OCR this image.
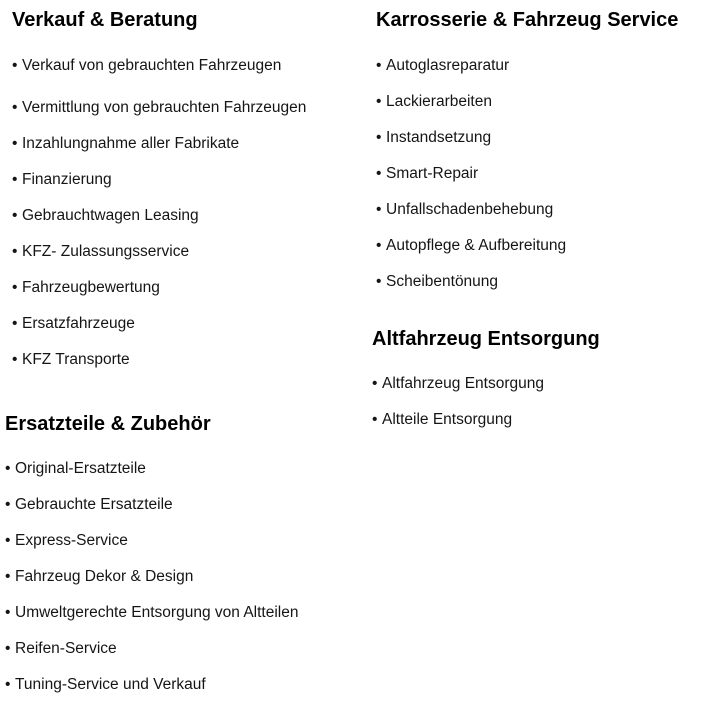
Verkauf & Beratung
• Verkauf von gebrauchten Fahrzeugen
• Vermittlung von gebrauchten Fahrzeugen
• Inzahlungnahme aller Fabrikate
• Finanzierung
• Gebrauchtwagen Leasing
• KFZ- Zulassungsservice
• Fahrzeugbewertung
• Ersatzfahrzeuge
• KFZ Transporte
Karrosserie & Fahrzeug Service
• Autoglasreparatur
• Lackierarbeiten
• Instandsetzung
• Smart-Repair
• Unfallschadenbehebung
• Autopflege & Aufbereitung
• Scheibentönung
Altfahrzeug Entsorgung
• Altfahrzeug Entsorgung
• Altteile Entsorgung
Ersatzteile & Zubehör
• Original-Ersatzteile
• Gebrauchte Ersatzteile
• Express-Service
• Fahrzeug Dekor & Design
• Umweltgerechte Entsorgung von Altteilen
• Reifen-Service
• Tuning-Service und Verkauf
